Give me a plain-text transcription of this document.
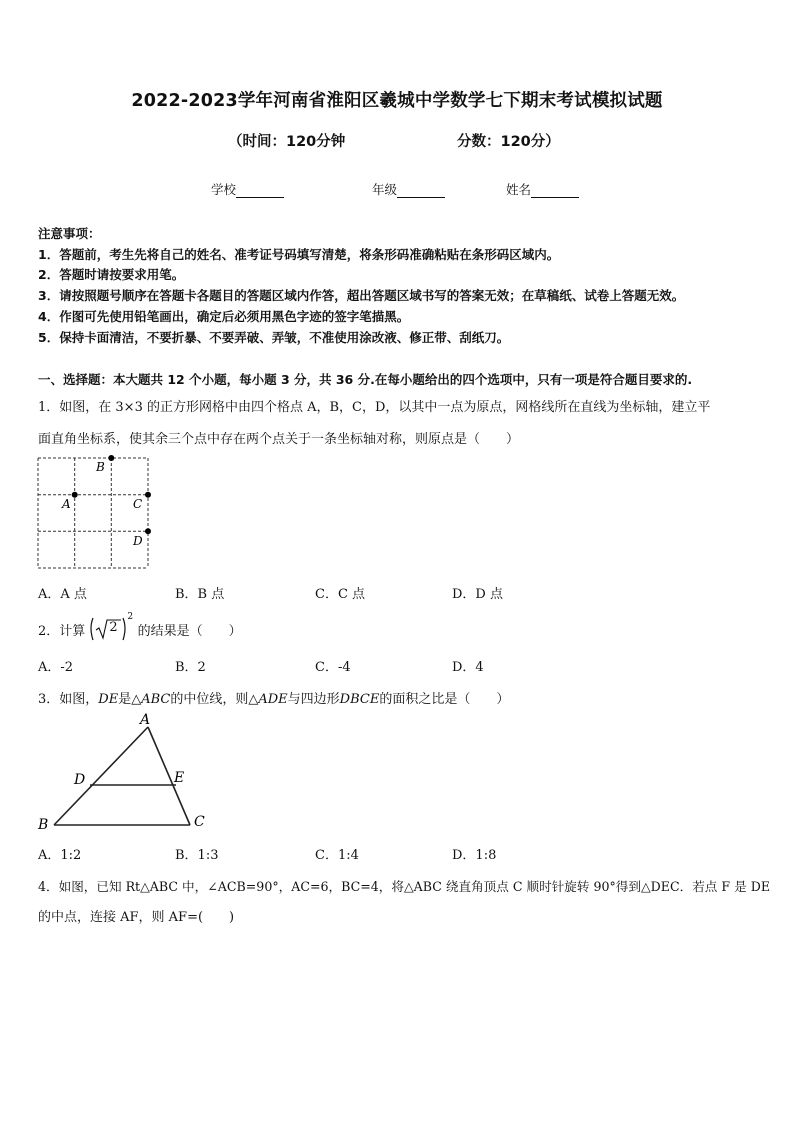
2022-2023学年河南省淮阳区羲城中学数学七下期末考试模拟试题
（时间：120分钟	分数：120分）
学校	年级	姓名
注意事项：
1．答题前，考生先将自己的姓名、准考证号码填写清楚，将条形码准确粘贴在条形码区域内。
2．答题时请按要求用笔。
3．请按照题号顺序在答题卡各题目的答题区域内作答，超出答题区域书写的答案无效；在草稿纸、试卷上答题无效。
4．作图可先使用铅笔画出，确定后必须用黑色字迹的签字笔描黑。
5．保持卡面清洁，不要折暴、不要弄破、弄皱，不准使用涂改液、修正带、刮纸刀。
一、选择题：本大题共 12 个小题，每小题 3 分，共 36 分.在每小题给出的四个选项中，只有一项是符合题目要求的.
1．如图，在 3×3 的正方形网格中由四个格点 A，B，C，D，以其中一点为原点，网格线所在直线为坐标轴，建立平
面直角坐标系，使其余三个点中存在两个点关于一条坐标轴对称，则原点是（　　）
B
A	C
D
A．A 点	B．B 点	C．C 点	D．D 点
2．计算 2
2
的结果是（　　）
A．-2	B．2	C．-4	D．4
3．如图，DE是△ABC的中位线，则△ADE与四边形DBCE的面积之比是（　　）
A
D	E
B	C
A．1:2	B．1:3	C．1:4	D．1:8
4．如图，已知 Rt△ABC 中，∠ACB=90°，AC=6，BC=4，将△ABC 绕直角顶点 C 顺时针旋转 90°得到△DEC．若点 F 是 DE
的中点，连接 AF，则 AF=(　　)
